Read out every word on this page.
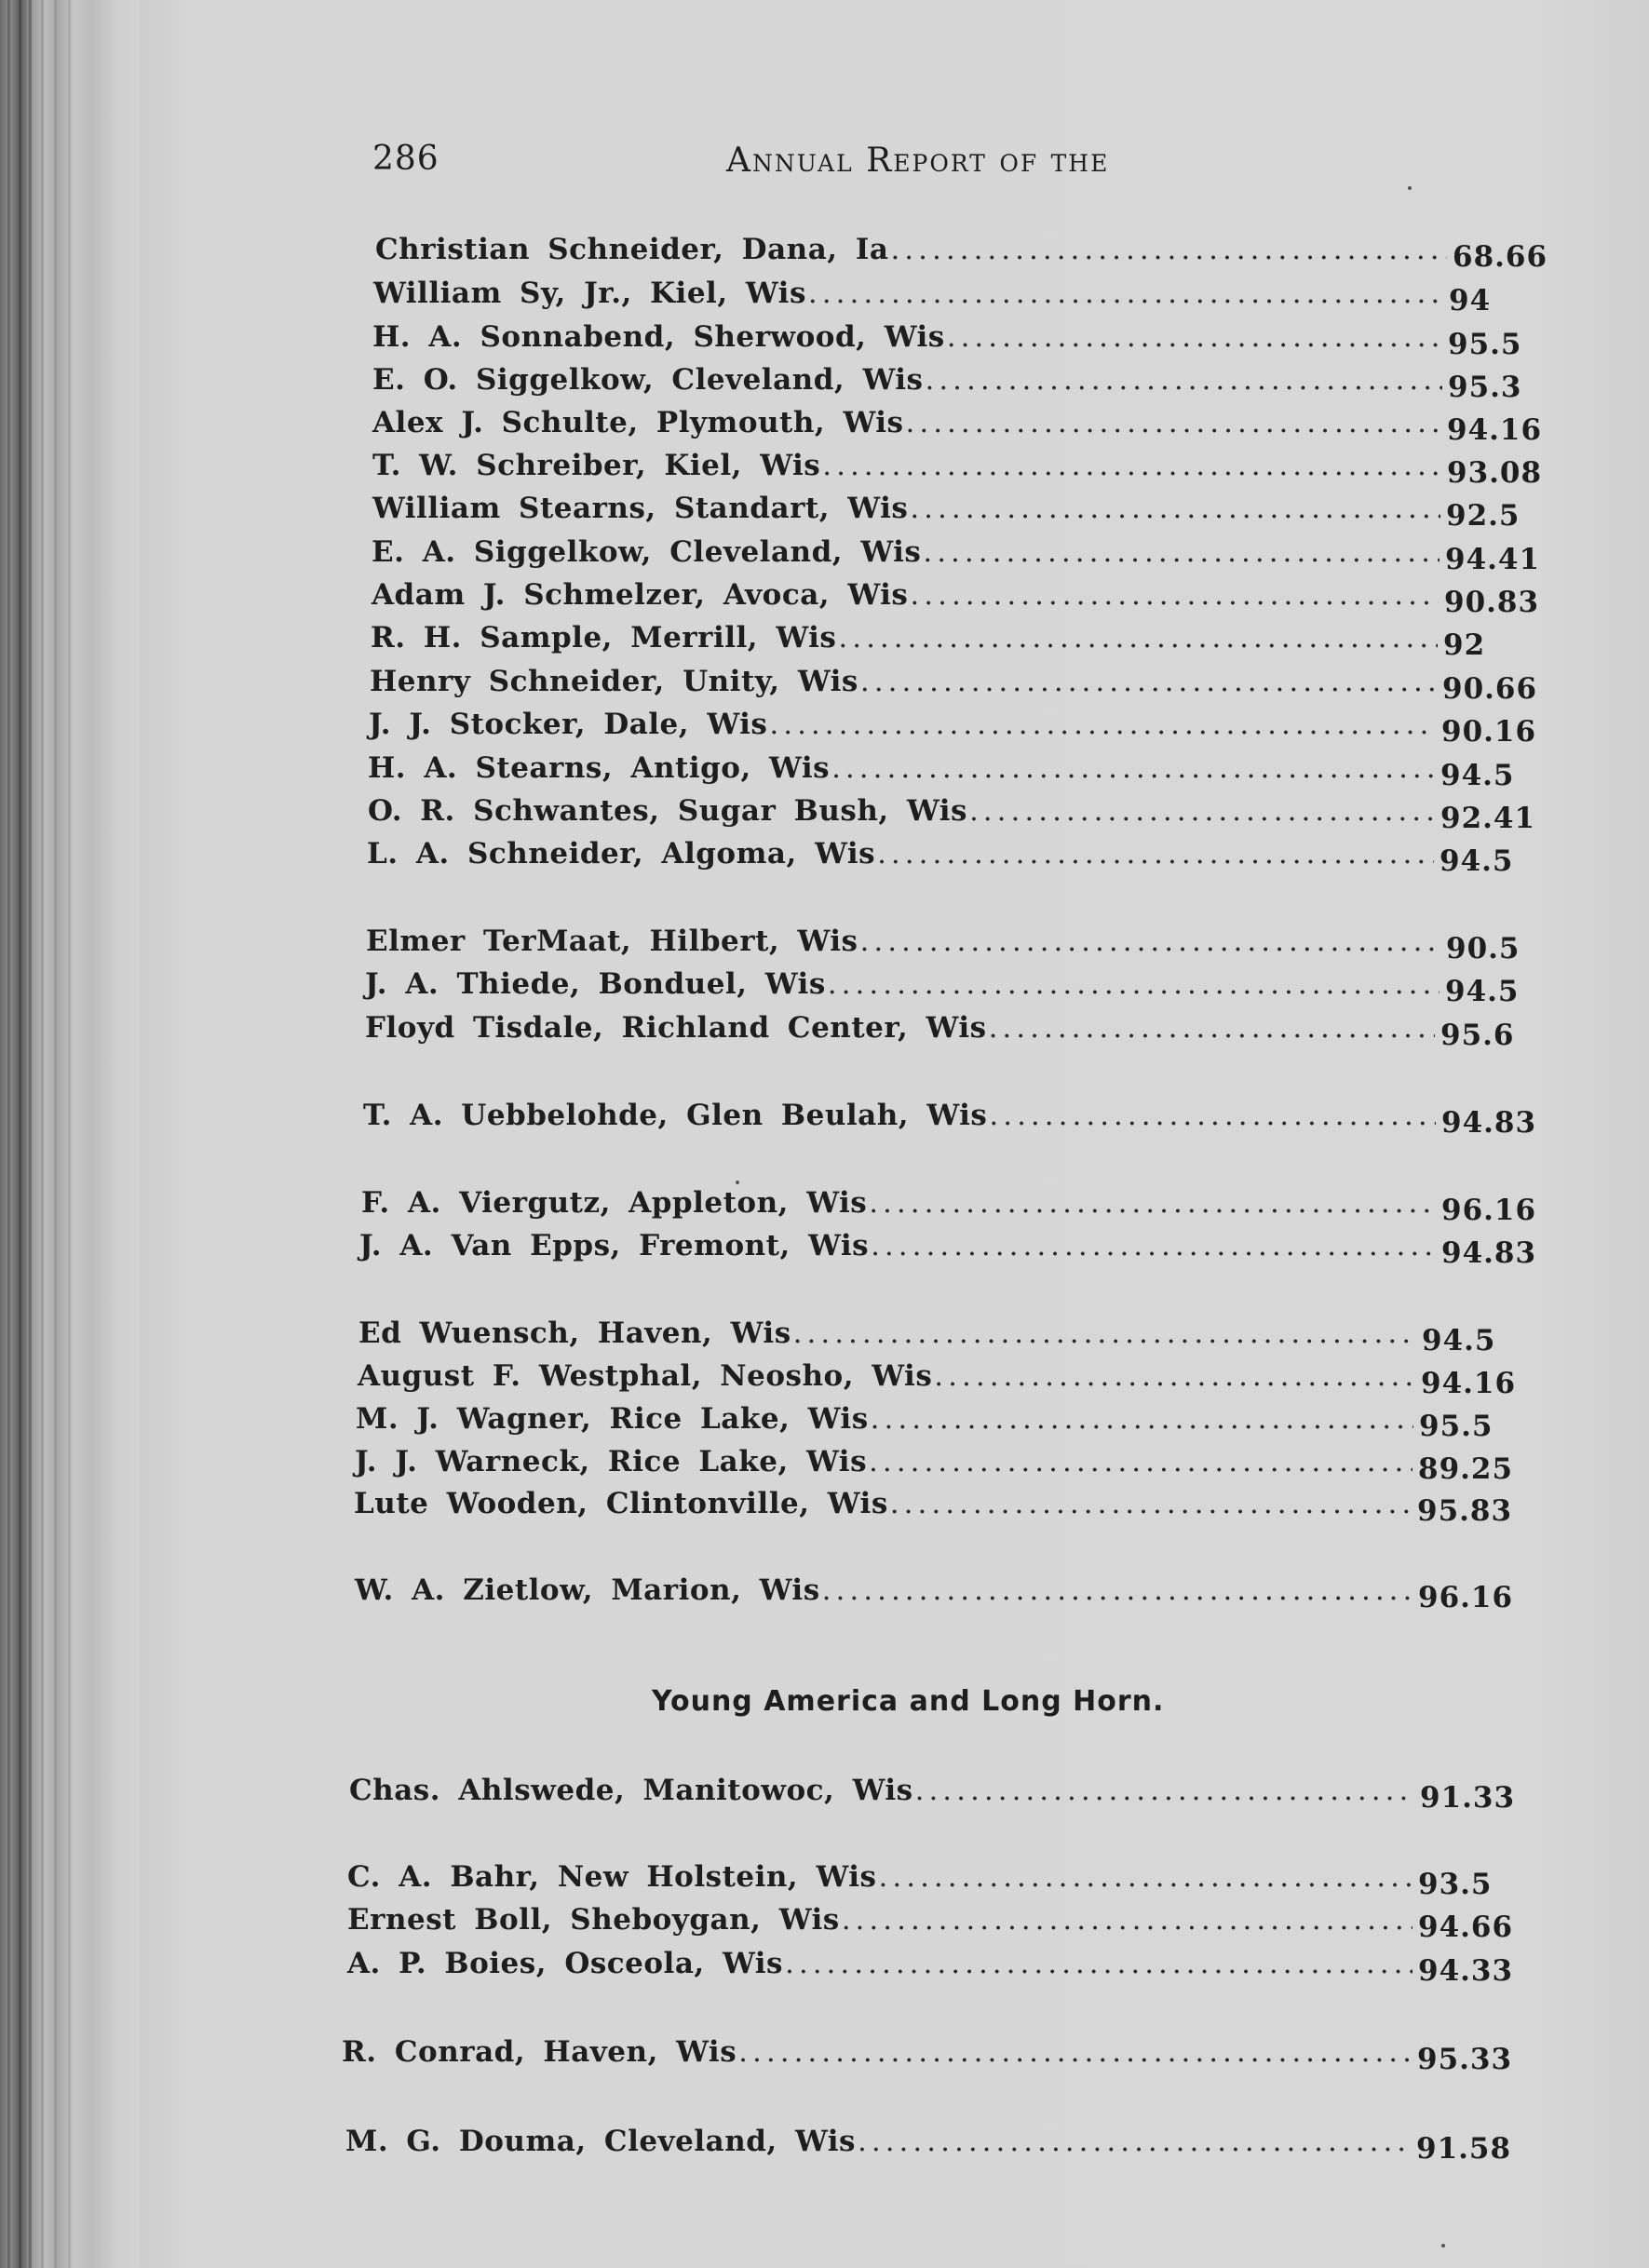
286	Annual Report of the
Christian Schneider, Dana, Ia .....	68.66
William Sy, Jr., Kiel, Wis .....	94
H. A. Sonnabend, Sherwood, Wis .....	95.5
E. O. Siggelkow, Cleveland, Wis .....	95.3
Alex J. Schulte, Plymouth, Wis .....	94.16
T. W. Schreiber, Kiel, Wis .....	93.08
William Stearns, Standart, Wis .....	92.5
E. A. Siggelkow, Cleveland, Wis .....	94.41
Adam J. Schmelzer, Avoca, Wis .....	90.83
R. H. Sample, Merrill, Wis .....	92
Henry Schneider, Unity, Wis .....	90.66
J. J. Stocker, Dale, Wis .....	90.16
H. A. Stearns, Antigo, Wis .....	94.5
O. R. Schwantes, Sugar Bush, Wis .....	92.41
L. A. Schneider, Algoma, Wis .....	94.5
Elmer TerMaat, Hilbert, Wis .....	90.5
J. A. Thiede, Bonduel, Wis .....	94.5
Floyd Tisdale, Richland Center, Wis .....	95.6
T. A. Uebbelohde, Glen Beulah, Wis .....	94.83
F. A. Viergutz, Appleton, Wis .....	96.16
J. A. Van Epps, Fremont, Wis .....	94.83
Ed Wuensch, Haven, Wis .....	94.5
August F. Westphal, Neosho, Wis .....	94.16
M. J. Wagner, Rice Lake, Wis .....	95.5
J. J. Warneck, Rice Lake, Wis .....	89.25
Lute Wooden, Clintonville, Wis .....	95.83
W. A. Zietlow, Marion, Wis .....	96.16
Young America and Long Horn.
Chas. Ahlswede, Manitowoc, Wis .....	91.33
C. A. Bahr, New Holstein, Wis .....	93.5
Ernest Boll, Sheboygan, Wis .....	94.66
A. P. Boies, Osceola, Wis .....	94.33
R. Conrad, Haven, Wis .....	95.33
M. G. Douma, Cleveland, Wis .....	91.58
